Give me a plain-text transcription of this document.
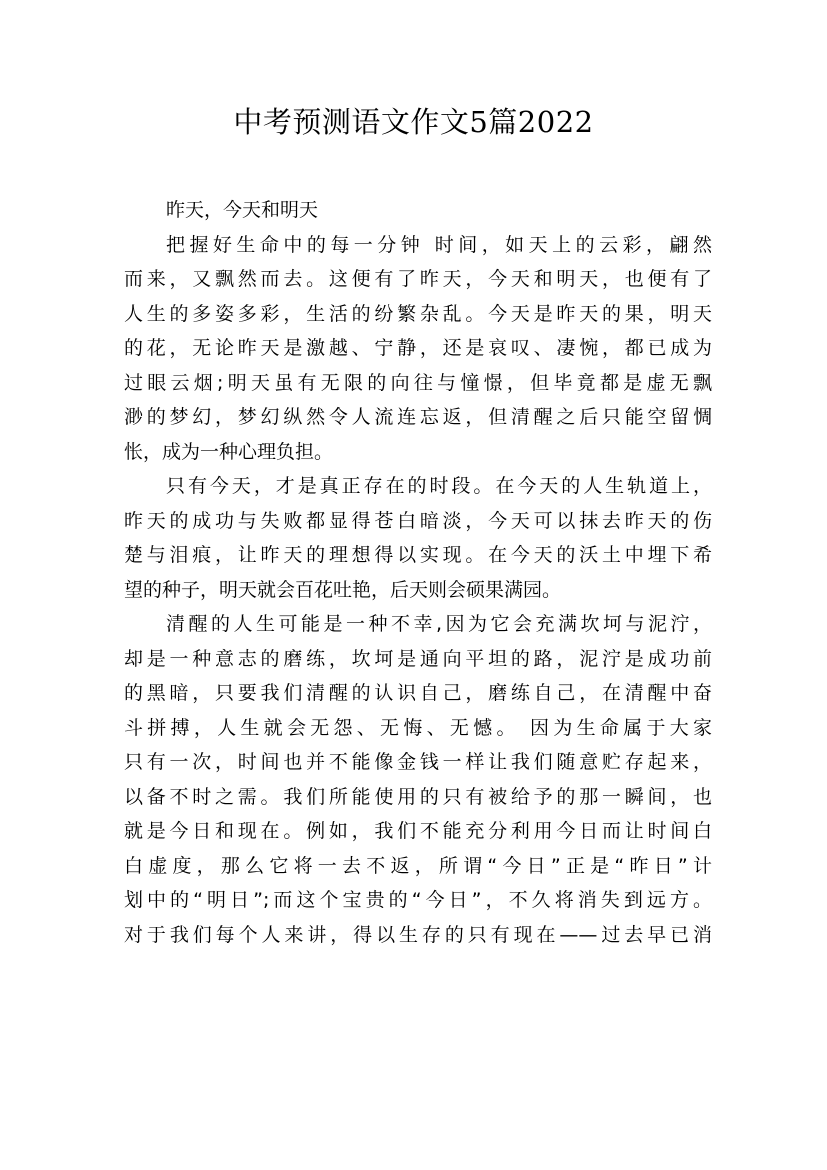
中考预测语文作文5篇2022
昨天，今天和明天
把握好生命中的每一分钟 时间，如天上的云彩，翩然
而来，又飘然而去。这便有了昨天，今天和明天，也便有了
人生的多姿多彩，生活的纷繁杂乱。今天是昨天的果，明天
的花，无论昨天是激越、宁静，还是哀叹、凄惋，都已成为
过眼云烟;明天虽有无限的向往与憧憬，但毕竟都是虚无飘
渺的梦幻，梦幻纵然令人流连忘返，但清醒之后只能空留惆
怅，成为一种心理负担。
只有今天，才是真正存在的时段。在今天的人生轨道上，
昨天的成功与失败都显得苍白暗淡，今天可以抹去昨天的伤
楚与泪痕，让昨天的理想得以实现。在今天的沃土中埋下希
望的种子，明天就会百花吐艳，后天则会硕果满园。
清醒的人生可能是一种不幸,因为它会充满坎坷与泥泞，
却是一种意志的磨练，坎坷是通向平坦的路，泥泞是成功前
的黑暗，只要我们清醒的认识自己，磨练自己，在清醒中奋
斗拼搏，人生就会无怨、无悔、无憾。 因为生命属于大家
只有一次，时间也并不能像金钱一样让我们随意贮存起来，
以备不时之需。我们所能使用的只有被给予的那一瞬间，也
就是今日和现在。例如，我们不能充分利用今日而让时间白
白虚度，那么它将一去不返，所谓“今日”正是“昨日”计
划中的“明日”;而这个宝贵的“今日”，不久将消失到远方。
对于我们每个人来讲，得以生存的只有现在——过去早已消
